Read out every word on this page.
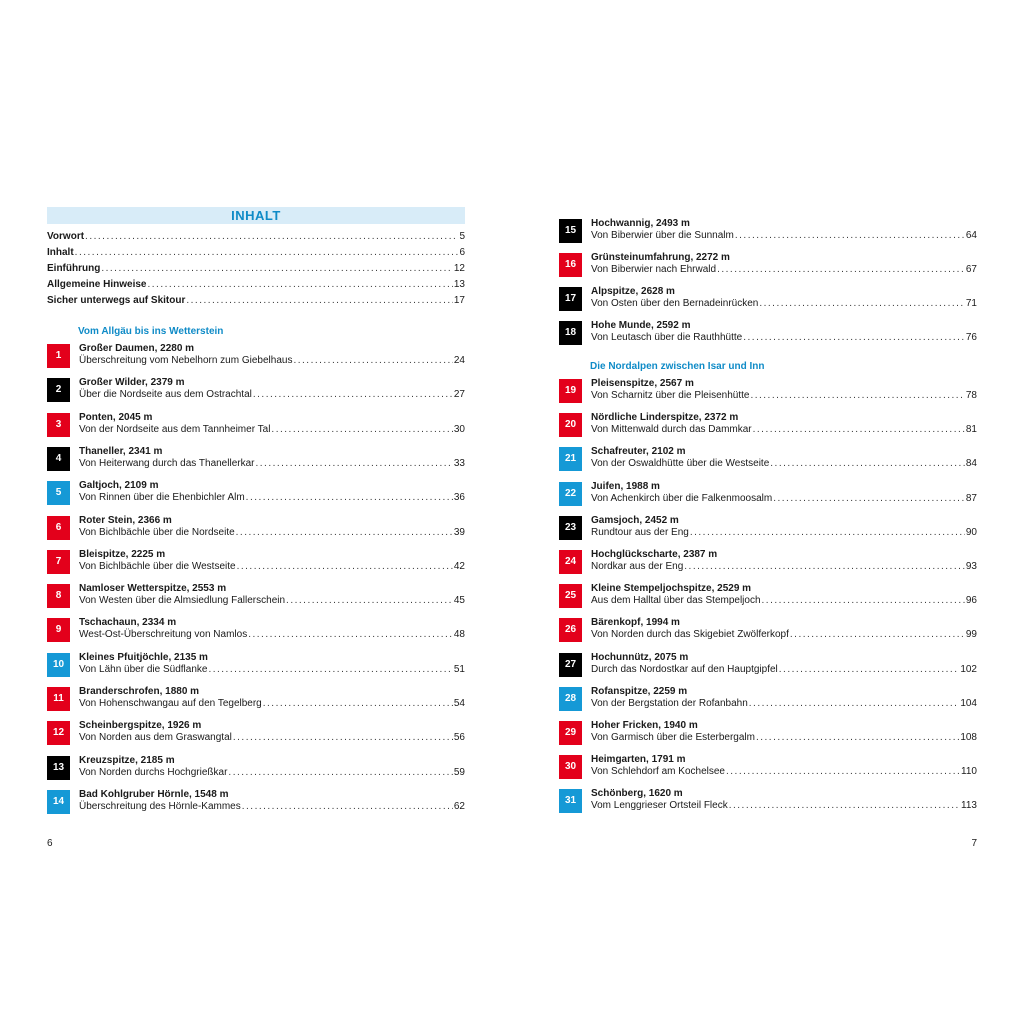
INHALT
Vorwort .....	5
Inhalt .....	6
Einführung .....	12
Allgemeine Hinweise .....	13
Sicher unterwegs auf Skitour .....	17
Vom Allgäu bis ins Wetterstein
1
Großer Daumen, 2280 m
Überschreitung vom Nebelhorn zum Giebelhaus .....	24
2
Großer Wilder, 2379 m
Über die Nordseite aus dem Ostrachtal .....	27
3
Ponten, 2045 m
Von der Nordseite aus dem Tannheimer Tal .....	30
4
Thaneller, 2341 m
Von Heiterwang durch das Thanellerkar .....	33
5
Galtjoch, 2109 m
Von Rinnen über die Ehenbichler Alm .....	36
6
Roter Stein, 2366 m
Von Bichlbächle über die Nordseite .....	39
7
Bleispitze, 2225 m
Von Bichlbächle über die Westseite .....	42
8
Namloser Wetterspitze, 2553 m
Von Westen über die Almsiedlung Fallerschein .....	45
9
Tschachaun, 2334 m
West-Ost-Überschreitung von Namlos .....	48
10
Kleines Pfuitjöchle, 2135 m
Von Lähn über die Südflanke .....	51
11
Branderschrofen, 1880 m
Von Hohenschwangau auf den Tegelberg .....	54
12
Scheinbergspitze, 1926 m
Von Norden aus dem Graswangtal .....	56
13
Kreuzspitze, 2185 m
Von Norden durchs Hochgrießkar .....	59
14
Bad Kohlgruber Hörnle, 1548 m
Überschreitung des Hörnle-Kammes .....	62
6
15
Hochwannig, 2493 m
Von Biberwier über die Sunnalm .....	64
16
Grünsteinumfahrung, 2272 m
Von Biberwier nach Ehrwald .....	67
17
Alpspitze, 2628 m
Von Osten über den Bernadeinrücken .....	71
18
Hohe Munde, 2592 m
Von Leutasch über die Rauthhütte .....	76
Die Nordalpen zwischen Isar und Inn
19
Pleisenspitze, 2567 m
Von Scharnitz über die Pleisenhütte .....	78
20
Nördliche Linderspitze, 2372 m
Von Mittenwald durch das Dammkar .....	81
21
Schafreuter, 2102 m
Von der Oswaldhütte über die Westseite .....	84
22
Juifen, 1988 m
Von Achenkirch über die Falkenmoosalm .....	87
23
Gamsjoch, 2452 m
Rundtour aus der Eng .....	90
24
Hochglückscharte, 2387 m
Nordkar aus der Eng .....	93
25
Kleine Stempeljochspitze, 2529 m
Aus dem Halltal über das Stempeljoch .....	96
26
Bärenkopf, 1994 m
Von Norden durch das Skigebiet Zwölferkopf .....	99
27
Hochunnütz, 2075 m
Durch das Nordostkar auf den Hauptgipfel .....	102
28
Rofanspitze, 2259 m
Von der Bergstation der Rofanbahn .....	104
29
Hoher Fricken, 1940 m
Von Garmisch über die Esterbergalm .....	108
30
Heimgarten, 1791 m
Von Schlehdorf am Kochelsee .....	110
31
Schönberg, 1620 m
Vom Lenggrieser Ortsteil Fleck .....	113
7
